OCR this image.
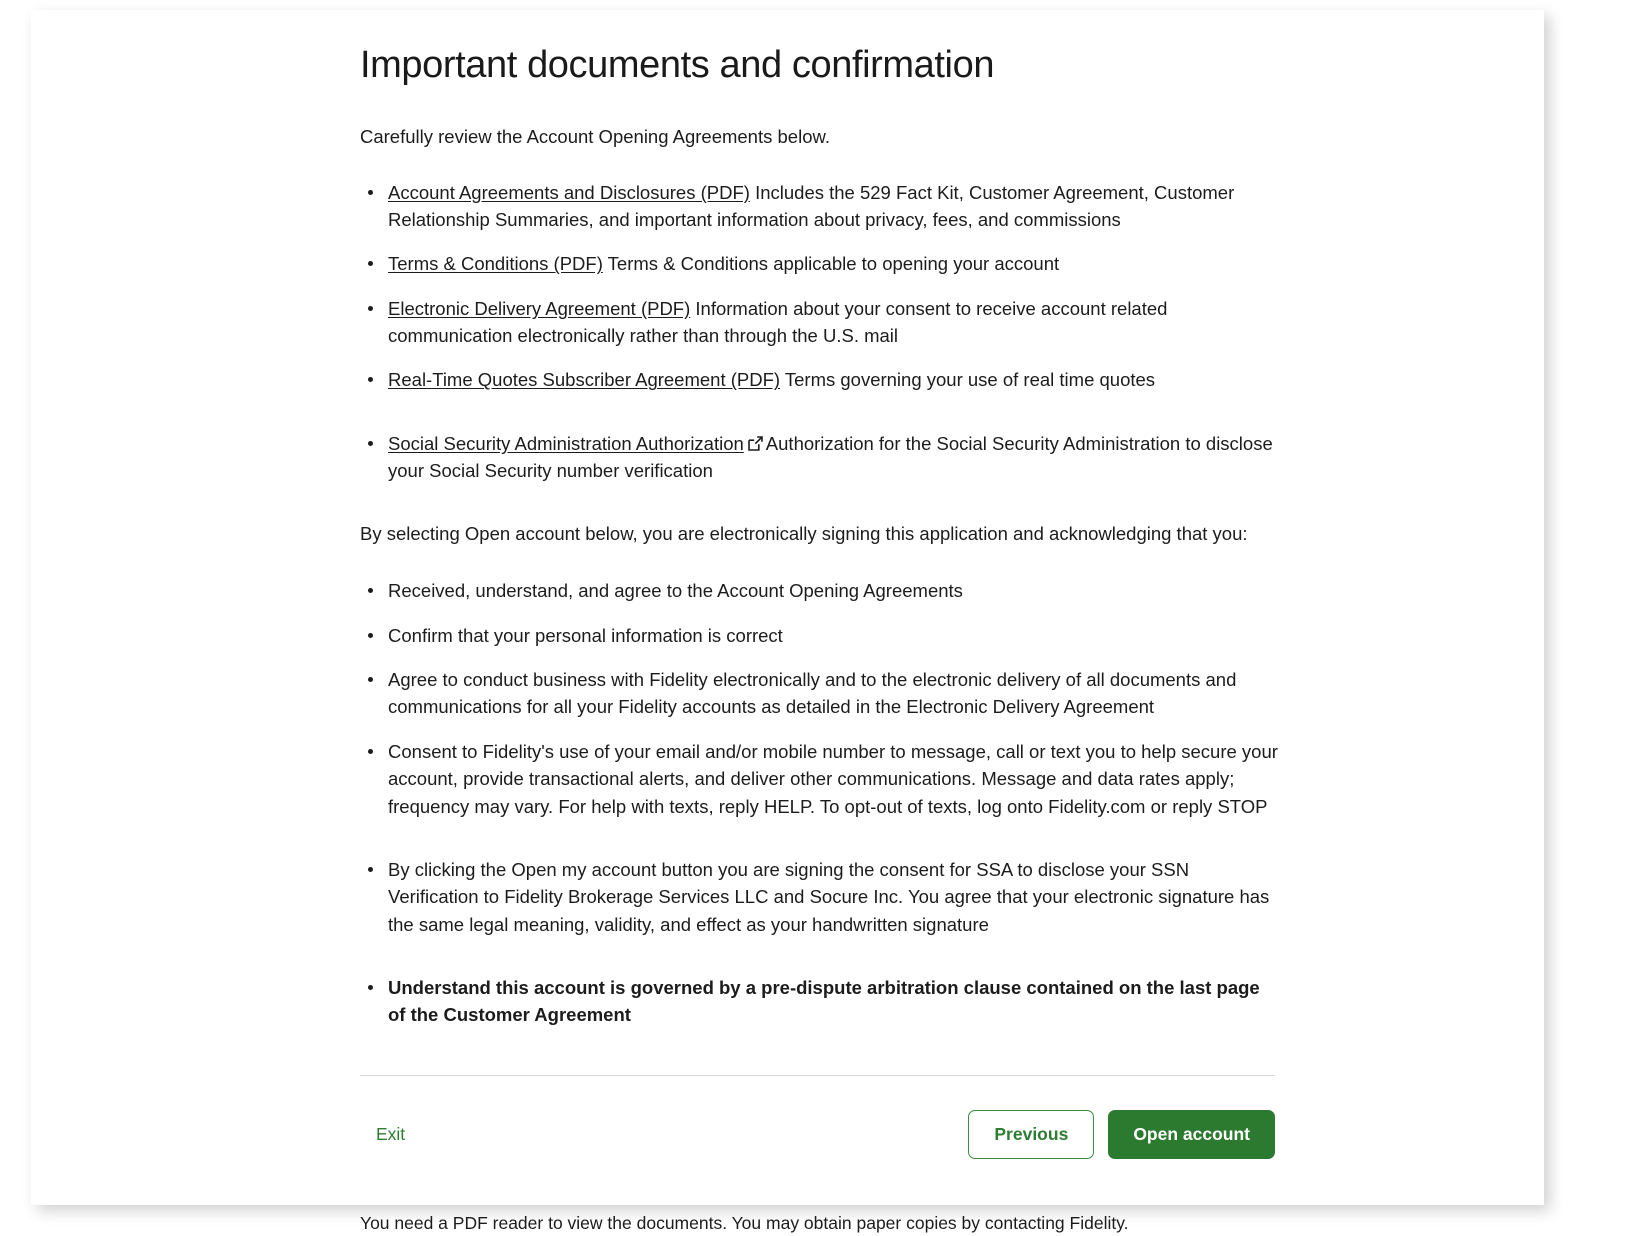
Important documents and confirmation

Carefully review the Account Opening Agreements below.

Account Agreements and Disclosures (PDF) Includes the 529 Fact Kit, Customer Agreement, Customer Relationship Summaries, and important information about privacy, fees, and commissions
Terms & Conditions (PDF) Terms & Conditions applicable to opening your account
Electronic Delivery Agreement (PDF) Information about your consent to receive account related communication electronically rather than through the U.S. mail
Real-Time Quotes Subscriber Agreement (PDF) Terms governing your use of real time quotes
Social Security Administration Authorization Authorization for the Social Security Administration to disclose your Social Security number verification

By selecting Open account below, you are electronically signing this application and acknowledging that you:

Received, understand, and agree to the Account Opening Agreements
Confirm that your personal information is correct
Agree to conduct business with Fidelity electronically and to the electronic delivery of all documents and communications for all your Fidelity accounts as detailed in the Electronic Delivery Agreement
Consent to Fidelity's use of your email and/or mobile number to message, call or text you to help secure your account, provide transactional alerts, and deliver other communications. Message and data rates apply; frequency may vary. For help with texts, reply HELP. To opt-out of texts, log onto Fidelity.com or reply STOP
By clicking the Open my account button you are signing the consent for SSA to disclose your SSN Verification to Fidelity Brokerage Services LLC and Socure Inc. You agree that your electronic signature has the same legal meaning, validity, and effect as your handwritten signature
Understand this account is governed by a pre-dispute arbitration clause contained on the last page of the Customer Agreement
Exit	Previous	Open account

You need a PDF reader to view the documents. You may obtain paper copies by contacting Fidelity.
